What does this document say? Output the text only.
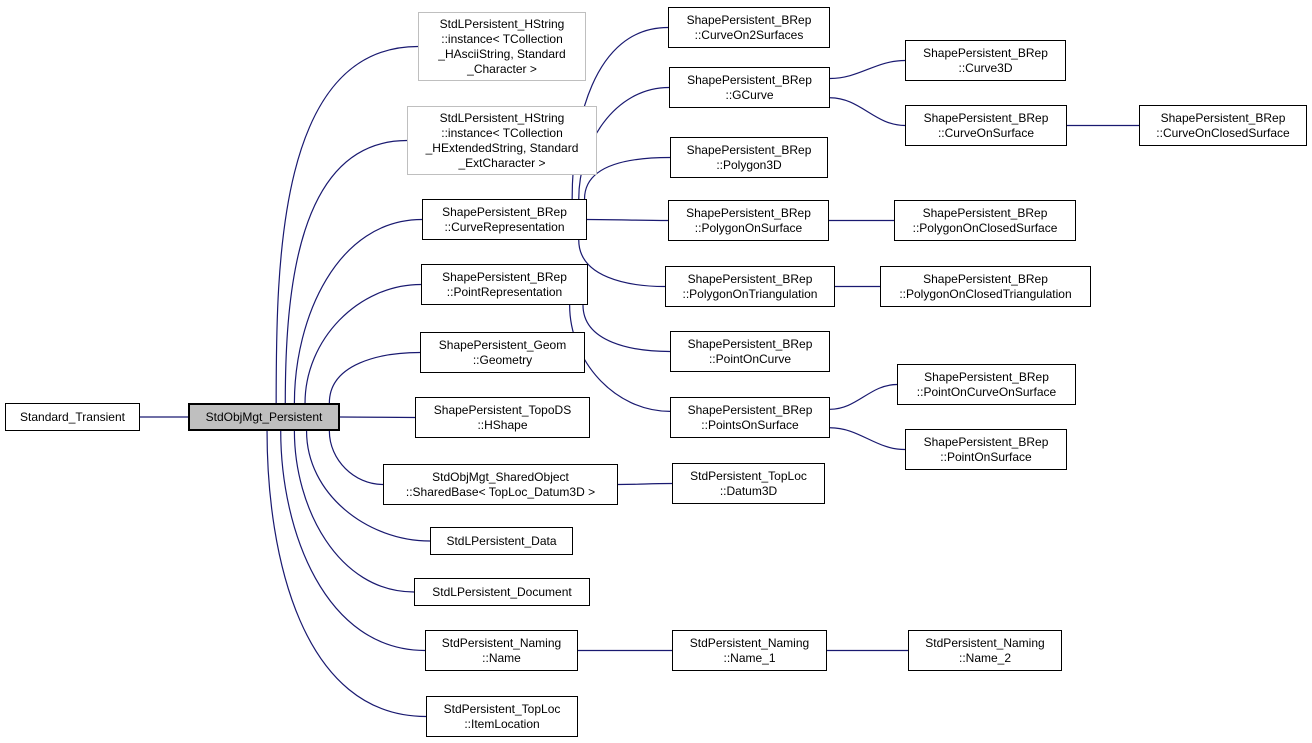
Standard_Transient	StdObjMgt_Persistent
StdLPersistent_HString
::instance< TCollection
_HAsciiString, Standard
_Character >
StdLPersistent_HString
::instance< TCollection
_HExtendedString, Standard
_ExtCharacter >
ShapePersistent_BRep
::CurveRepresentation
ShapePersistent_BRep
::PointRepresentation
ShapePersistent_Geom
::Geometry
ShapePersistent_TopoDS
::HShape
StdObjMgt_SharedObject
::SharedBase< TopLoc_Datum3D >
StdLPersistent_Data
StdLPersistent_Document
StdPersistent_Naming
::Name
StdPersistent_TopLoc
::ItemLocation
ShapePersistent_BRep
::CurveOn2Surfaces
ShapePersistent_BRep
::GCurve
ShapePersistent_BRep
::Polygon3D
ShapePersistent_BRep
::PolygonOnSurface
ShapePersistent_BRep
::PolygonOnTriangulation
ShapePersistent_BRep
::PointOnCurve
ShapePersistent_BRep
::PointsOnSurface
StdPersistent_TopLoc
::Datum3D
StdPersistent_Naming
::Name_1
ShapePersistent_BRep
::Curve3D
ShapePersistent_BRep
::CurveOnSurface
ShapePersistent_BRep
::PolygonOnClosedSurface
ShapePersistent_BRep
::PolygonOnClosedTriangulation
ShapePersistent_BRep
::PointOnCurveOnSurface
ShapePersistent_BRep
::PointOnSurface
StdPersistent_Naming
::Name_2
ShapePersistent_BRep
::CurveOnClosedSurface
